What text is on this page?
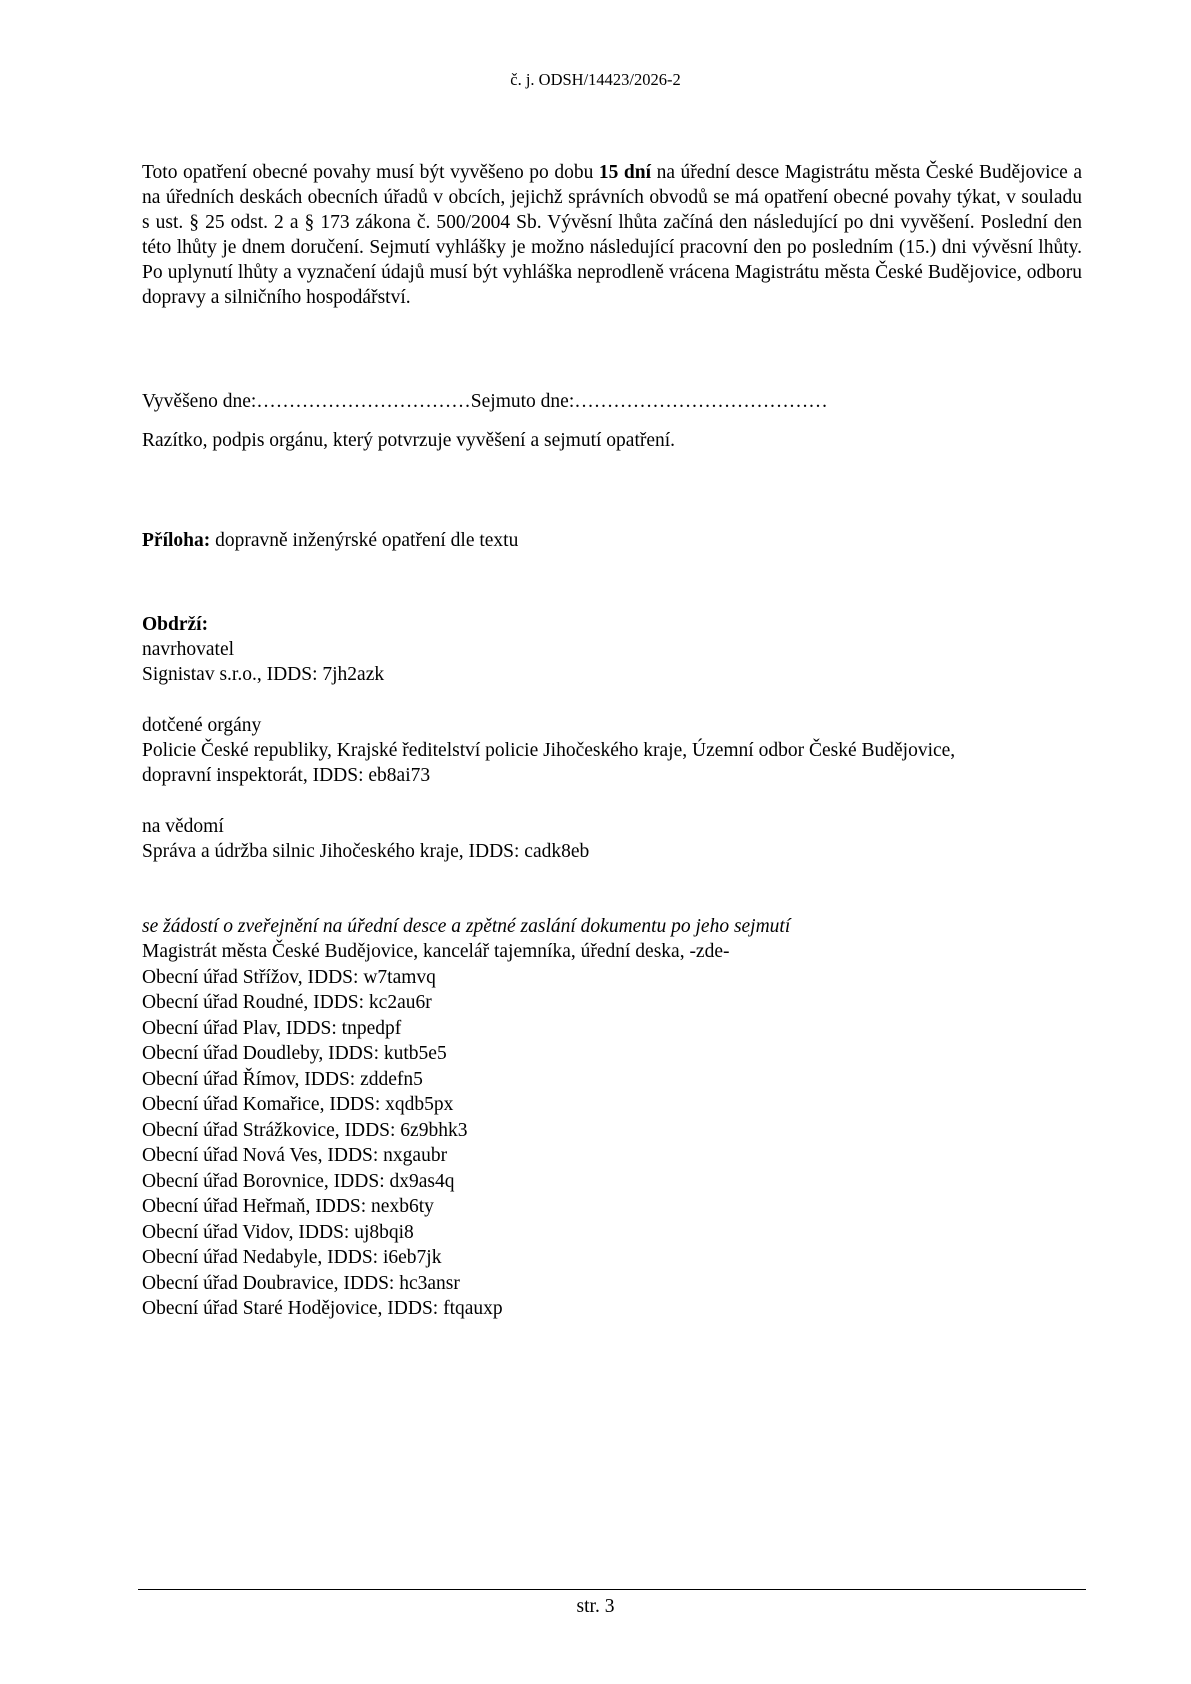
č. j. ODSH/14423/2026-2
Toto opatření obecné povahy musí být vyvěšeno po dobu 15 dní na úřední desce Magistrátu města České Budějovice a na úředních deskách obecních úřadů v obcích, jejichž správních obvodů se má opatření obecné povahy týkat, v souladu s ust. § 25 odst. 2 a § 173 zákona č. 500/2004 Sb. Vývěsní lhůta začíná den následující po dni vyvěšení. Poslední den této lhůty je dnem doručení. Sejmutí vyhlášky je možno následující pracovní den po posledním (15.) dni vývěsní lhůty. Po uplynutí lhůty a vyznačení údajů musí být vyhláška neprodleně vrácena Magistrátu města České Budějovice, odboru dopravy a silničního hospodářství.
Vyvěšeno dne:……………………………Sejmuto dne:…………………………………
Razítko, podpis orgánu, který potvrzuje vyvěšení a sejmutí opatření.
Příloha: dopravně inženýrské opatření dle textu
Obdrží:
navrhovatel
Signistav s.r.o., IDDS: 7jh2azk
dotčené orgány
Policie České republiky, Krajské ředitelství policie Jihočeského kraje, Územní odbor České Budějovice,
dopravní inspektorát, IDDS: eb8ai73
na vědomí
Správa a údržba silnic Jihočeského kraje, IDDS: cadk8eb
se žádostí o zveřejnění na úřední desce a zpětné zaslání dokumentu po jeho sejmutí
Magistrát města České Budějovice, kancelář tajemníka, úřední deska, -zde-
Obecní úřad Střížov, IDDS: w7tamvq
Obecní úřad Roudné, IDDS: kc2au6r
Obecní úřad Plav, IDDS: tnpedpf
Obecní úřad Doudleby, IDDS: kutb5e5
Obecní úřad Římov, IDDS: zddefn5
Obecní úřad Komařice, IDDS: xqdb5px
Obecní úřad Strážkovice, IDDS: 6z9bhk3
Obecní úřad Nová Ves, IDDS: nxgaubr
Obecní úřad Borovnice, IDDS: dx9as4q
Obecní úřad Heřmaň, IDDS: nexb6ty
Obecní úřad Vidov, IDDS: uj8bqi8
Obecní úřad Nedabyle, IDDS: i6eb7jk
Obecní úřad Doubravice, IDDS: hc3ansr
Obecní úřad Staré Hodějovice, IDDS: ftqauxp
str. 3
